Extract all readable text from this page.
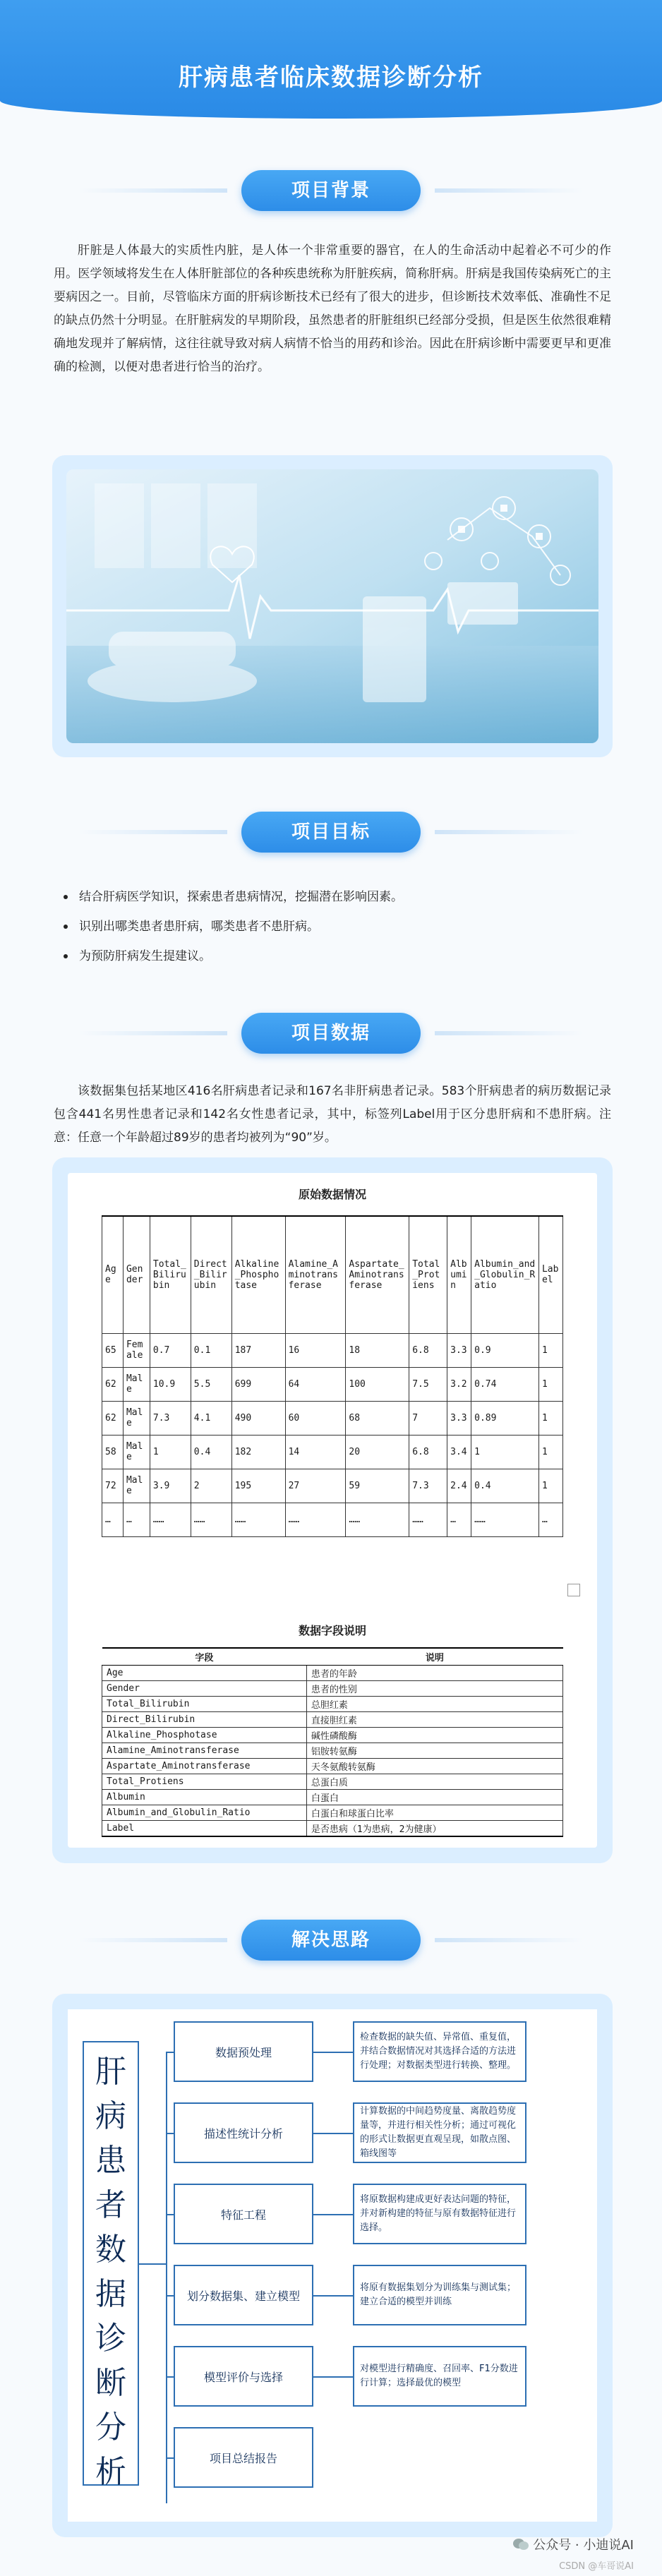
肝病患者临床数据诊断分析
项目背景

肝脏是人体最大的实质性内脏，是人体一个非常重要的器官，在人的生命活动中起着必不可少的作用。医学领域将发生在人体肝脏部位的各种疾患统称为肝脏疾病，简称肝病。肝病是我国传染病死亡的主要病因之一。目前，尽管临床方面的肝病诊断技术已经有了很大的进步，但诊断技术效率低、准确性不足的缺点仍然十分明显。在肝脏病发的早期阶段，虽然患者的肝脏组织已经部分受损，但是医生依然很难精确地发现并了解病情，这往往就导致对病人病情不恰当的用药和诊治。因此在肝病诊断中需要更早和更准确的检测，以便对患者进行恰当的治疗。

项目目标
结合肝病医学知识，探索患者患病情况，挖掘潜在影响因素。
识别出哪类患者患肝病，哪类患者不患肝病。
为预防肝病发生提建议。
项目数据

该数据集包括某地区416名肝病患者记录和167名非肝病患者记录。583个肝病患者的病历数据记录包含441名男性患者记录和142名女性患者记录，其中，标签列Label用于区分患肝病和不患肝病。注意：任意一个年龄超过89岁的患者均被列为“90”岁。

原始数据情况
Age	Gender	Total_Bilirubin	Direct_Bilirubin	Alkaline_Phosphotase	Alamine_Aminotransferase	Aspartate_Aminotransferase	Total_Protiens	Albumin	Albumin_and_Globulin_Ratio	Label
65	Female	0.7	0.1	187	16	18	6.8	3.3	0.9	1
62	Male	10.9	5.5	699	64	100	7.5	3.2	0.74	1
62	Male	7.3	4.1	490	60	68	7	3.3	0.89	1
58	Male	1	0.4	182	14	20	6.8	3.4	1	1
72	Male	3.9	2	195	27	59	7.3	2.4	0.4	1
…	…	……	……	……	……	……	……	…	……	…
数据字段说明
字段	说明
Age	患者的年龄
Gender	患者的性别
Total_Bilirubin	总胆红素
Direct_Bilirubin	直接胆红素
Alkaline_Phosphotase	碱性磷酸酶
Alamine_Aminotransferase	铝胺转氨酶
Aspartate_Aminotransferase	天冬氨酸转氨酶
Total_Protiens	总蛋白质
Albumin	白蛋白
Albumin_and_Globulin_Ratio	白蛋白和球蛋白比率
Label	是否患病（1为患病，2为健康）
解决思路
肝
病
患
者
数
据
诊
断
分
析
数据预处理
检查数据的缺失值、异常值、重复值，并结合数据情况对其选择合适的方法进行处理；对数据类型进行转换、整理。
描述性统计分析
计算数据的中间趋势度量、离散趋势度量等，并进行相关性分析；通过可视化的形式让数据更直观呈现，如散点图、箱线图等
特征工程
将原数据构建成更好表达问题的特征，并对新构建的特征与原有数据特征进行选择。
划分数据集、建立模型
将原有数据集划分为训练集与测试集；建立合适的模型并训练
模型评价与选择
对模型进行精确度、召回率、F1分数进行计算；选择最优的模型
项目总结报告
公众号 · 小迪说AI
CSDN @车哥说AI
